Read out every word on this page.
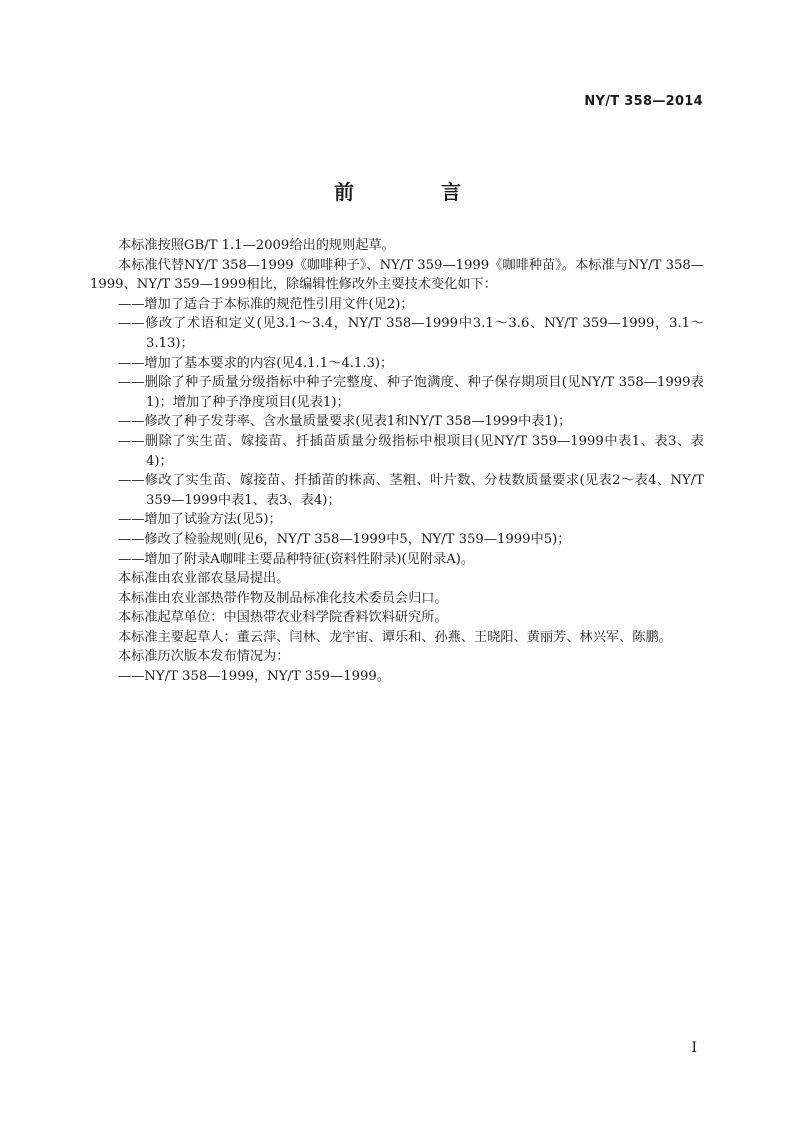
NY/T 358—2014
前 言

本标准按照GB/T 1.1—2009给出的规则起草。

本标准代替NY/T 358—1999《咖啡种子》、NY/T 359—1999《咖啡种苗》。本标准与NY/T 358—1999、NY/T 359—1999相比，除编辑性修改外主要技术变化如下：

——增加了适合于本标准的规范性引用文件(见2)；

——修改了术语和定义(见3.1～3.4，NY/T 358—1999中3.1～3.6、NY/T 359—1999，3.1～3.13)；

——增加了基本要求的内容(见4.1.1～4.1.3)；

——删除了种子质量分级指标中种子完整度、种子饱满度、种子保存期项目(见NY/T 358—1999表1)；增加了种子净度项目(见表1)；

——修改了种子发芽率、含水量质量要求(见表1和NY/T 358—1999中表1)；

——删除了实生苗、嫁接苗、扦插苗质量分级指标中根项目(见NY/T 359—1999中表1、表3、表4)；

——修改了实生苗、嫁接苗、扦插苗的株高、茎粗、叶片数、分枝数质量要求(见表2～表4、NY/T 359—1999中表1、表3、表4)；

——增加了试验方法(见5)；

——修改了检验规则(见6，NY/T 358—1999中5，NY/T 359—1999中5)；

——增加了附录A咖啡主要品种特征(资料性附录)(见附录A)。

本标准由农业部农垦局提出。

本标准由农业部热带作物及制品标准化技术委员会归口。

本标准起草单位：中国热带农业科学院香料饮料研究所。

本标准主要起草人：董云萍、闫林、龙宇宙、谭乐和、孙燕、王晓阳、黄丽芳、林兴军、陈鹏。

本标准历次版本发布情况为：

——NY/T 358—1999，NY/T 359—1999。

I
